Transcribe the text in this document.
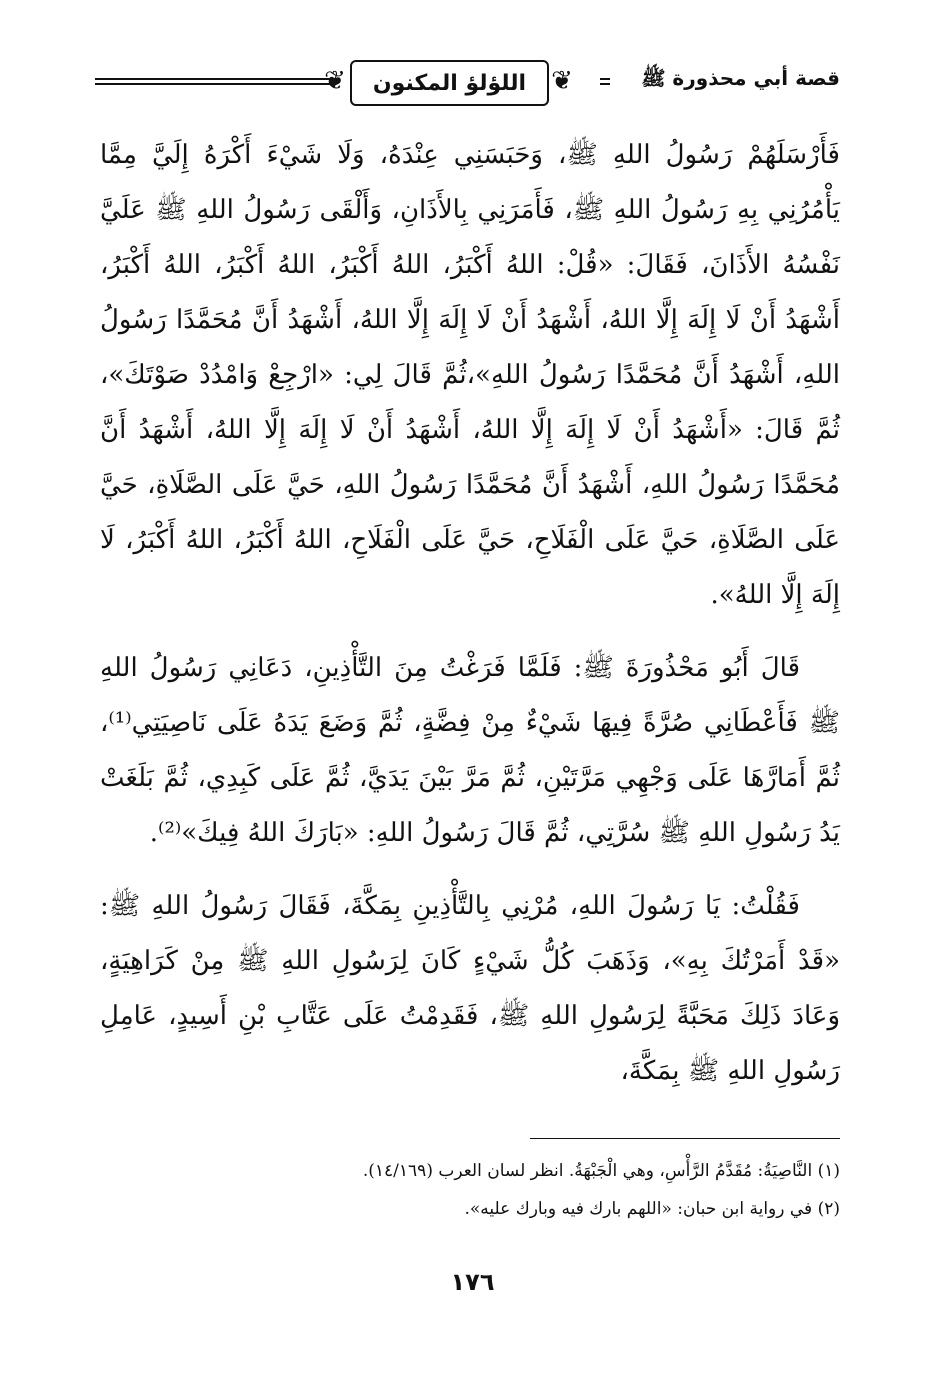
❦	اللؤلؤ المكنون ❦	قصة أبي محذورة ﷺ

فَأَرْسَلَهُمْ رَسُولُ اللهِ ﷺ، وَحَبَسَنِي عِنْدَهُ، وَلَا شَيْءَ أَكْرَهُ إِلَيَّ مِمَّا يَأْمُرُنِي بِهِ رَسُولُ اللهِ ﷺ، فَأَمَرَنِي بِالأَذَانِ، وَأَلْقَى رَسُولُ اللهِ ﷺ عَلَيَّ نَفْسُهُ الأَذَانَ، فَقَالَ: «قُلْ: اللهُ أَكْبَرُ، اللهُ أَكْبَرُ، اللهُ أَكْبَرُ، اللهُ أَكْبَرُ، أَشْهَدُ أَنْ لَا إِلَهَ إِلَّا اللهُ، أَشْهَدُ أَنْ لَا إِلَهَ إِلَّا اللهُ، أَشْهَدُ أَنَّ مُحَمَّدًا رَسُولُ اللهِ، أَشْهَدُ أَنَّ مُحَمَّدًا رَسُولُ اللهِ»،ثُمَّ قَالَ لِي: «ارْجِعْ وَامْدُدْ صَوْتَكَ»، ثُمَّ قَالَ: «أَشْهَدُ أَنْ لَا إِلَهَ إِلَّا اللهُ، أَشْهَدُ أَنْ لَا إِلَهَ إِلَّا اللهُ، أَشْهَدُ أَنَّ مُحَمَّدًا رَسُولُ اللهِ، أَشْهَدُ أَنَّ مُحَمَّدًا رَسُولُ اللهِ، حَيَّ عَلَى الصَّلَاةِ، حَيَّ عَلَى الصَّلَاةِ، حَيَّ عَلَى الْفَلَاحِ، حَيَّ عَلَى الْفَلَاحِ، اللهُ أَكْبَرُ، اللهُ أَكْبَرُ، لَا إِلَهَ إِلَّا اللهُ».

قَالَ أَبُو مَحْذُورَةَ ﷺ: فَلَمَّا فَرَغْتُ مِنَ التَّأْذِينِ، دَعَانِي رَسُولُ اللهِ ﷺ فَأَعْطَانِي صُرَّةً فِيهَا شَيْءٌ مِنْ فِضَّةٍ، ثُمَّ وَضَعَ يَدَهُ عَلَى نَاصِيَتِي⁽¹⁾، ثُمَّ أَمَارَّهَا عَلَى وَجْهِي مَرَّتَيْنِ، ثُمَّ مَرَّ بَيْنَ يَدَيَّ، ثُمَّ عَلَى كَبِدِي، ثُمَّ بَلَغَتْ يَدُ رَسُولِ اللهِ ﷺ سُرَّتِي، ثُمَّ قَالَ رَسُولُ اللهِ: «بَارَكَ اللهُ فِيكَ»⁽²⁾.

فَقُلْتُ: يَا رَسُولَ اللهِ، مُرْنِي بِالتَّأْذِينِ بِمَكَّةَ، فَقَالَ رَسُولُ اللهِ ﷺ: «قَدْ أَمَرْتُكَ بِهِ»، وَذَهَبَ كُلُّ شَيْءٍ كَانَ لِرَسُولِ اللهِ ﷺ مِنْ كَرَاهِيَةٍ، وَعَادَ ذَلِكَ مَحَبَّةً لِرَسُولِ اللهِ ﷺ، فَقَدِمْتُ عَلَى عَتَّابِ بْنِ أَسِيدٍ، عَامِلِ رَسُولِ اللهِ ﷺ بِمَكَّةَ،

(١) النَّاصِيَةُ: مُقَدَّمُ الرَّأْسِ، وهي الْجَبْهَةُ. انظر لسان العرب (١٤/١٦٩).
(٢) في رواية ابن حبان: «اللهم بارك فيه وبارك عليه».
١٧٦
